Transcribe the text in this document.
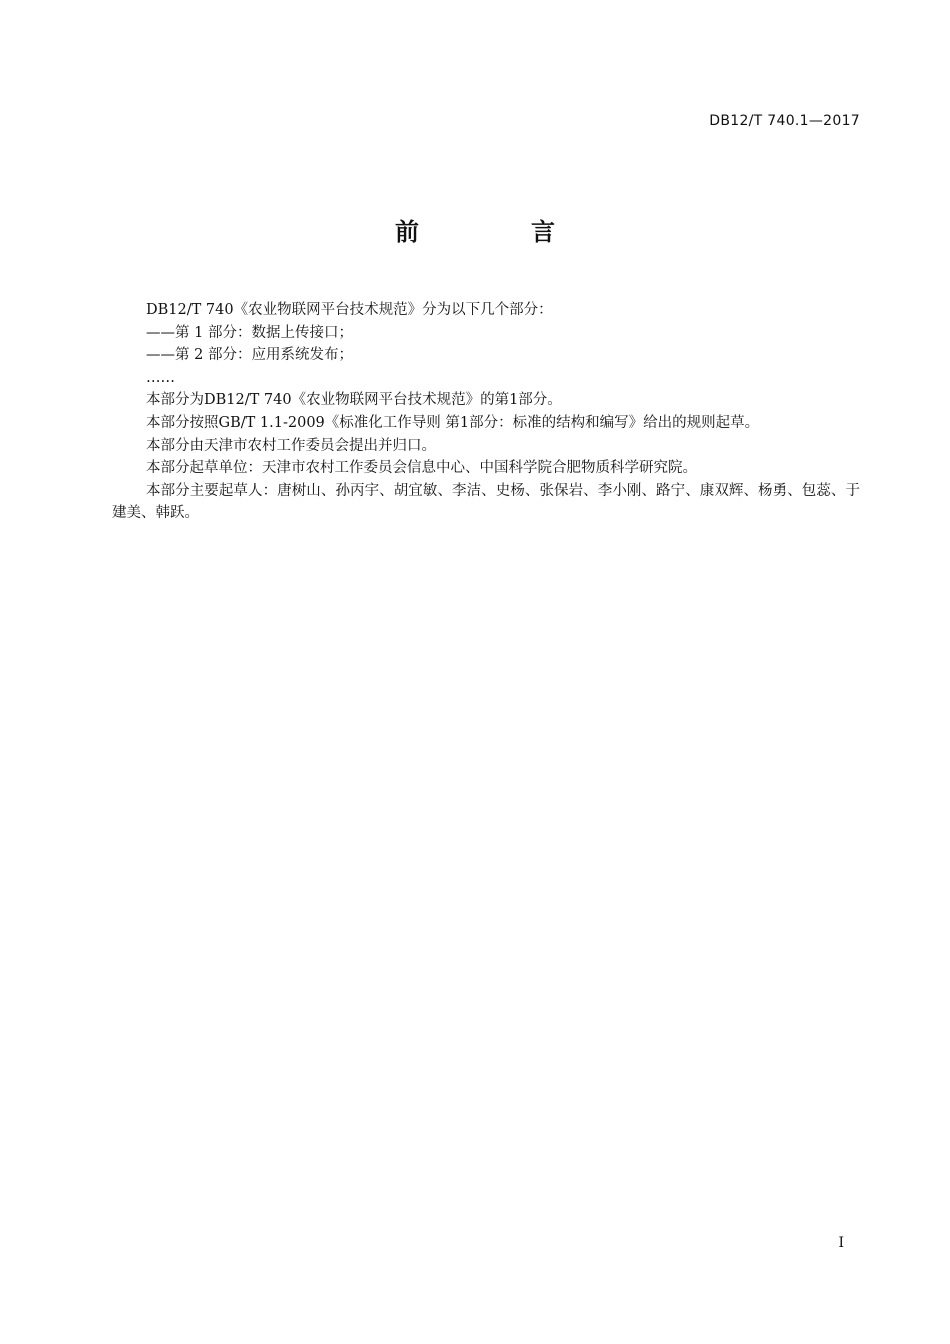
DB12/T 740.1—2017
前　言

DB12/T 740《农业物联网平台技术规范》分为以下几个部分：

——第 1 部分：数据上传接口；

——第 2 部分：应用系统发布；

……

本部分为DB12/T 740《农业物联网平台技术规范》的第1部分。

本部分按照GB/T 1.1-2009《标准化工作导则 第1部分：标准的结构和编写》给出的规则起草。

本部分由天津市农村工作委员会提出并归口。

本部分起草单位：天津市农村工作委员会信息中心、中国科学院合肥物质科学研究院。

本部分主要起草人：唐树山、孙丙宇、胡宜敏、李洁、史杨、张保岩、李小刚、路宁、康双辉、杨勇、包蕊、于建美、韩跃。

I
